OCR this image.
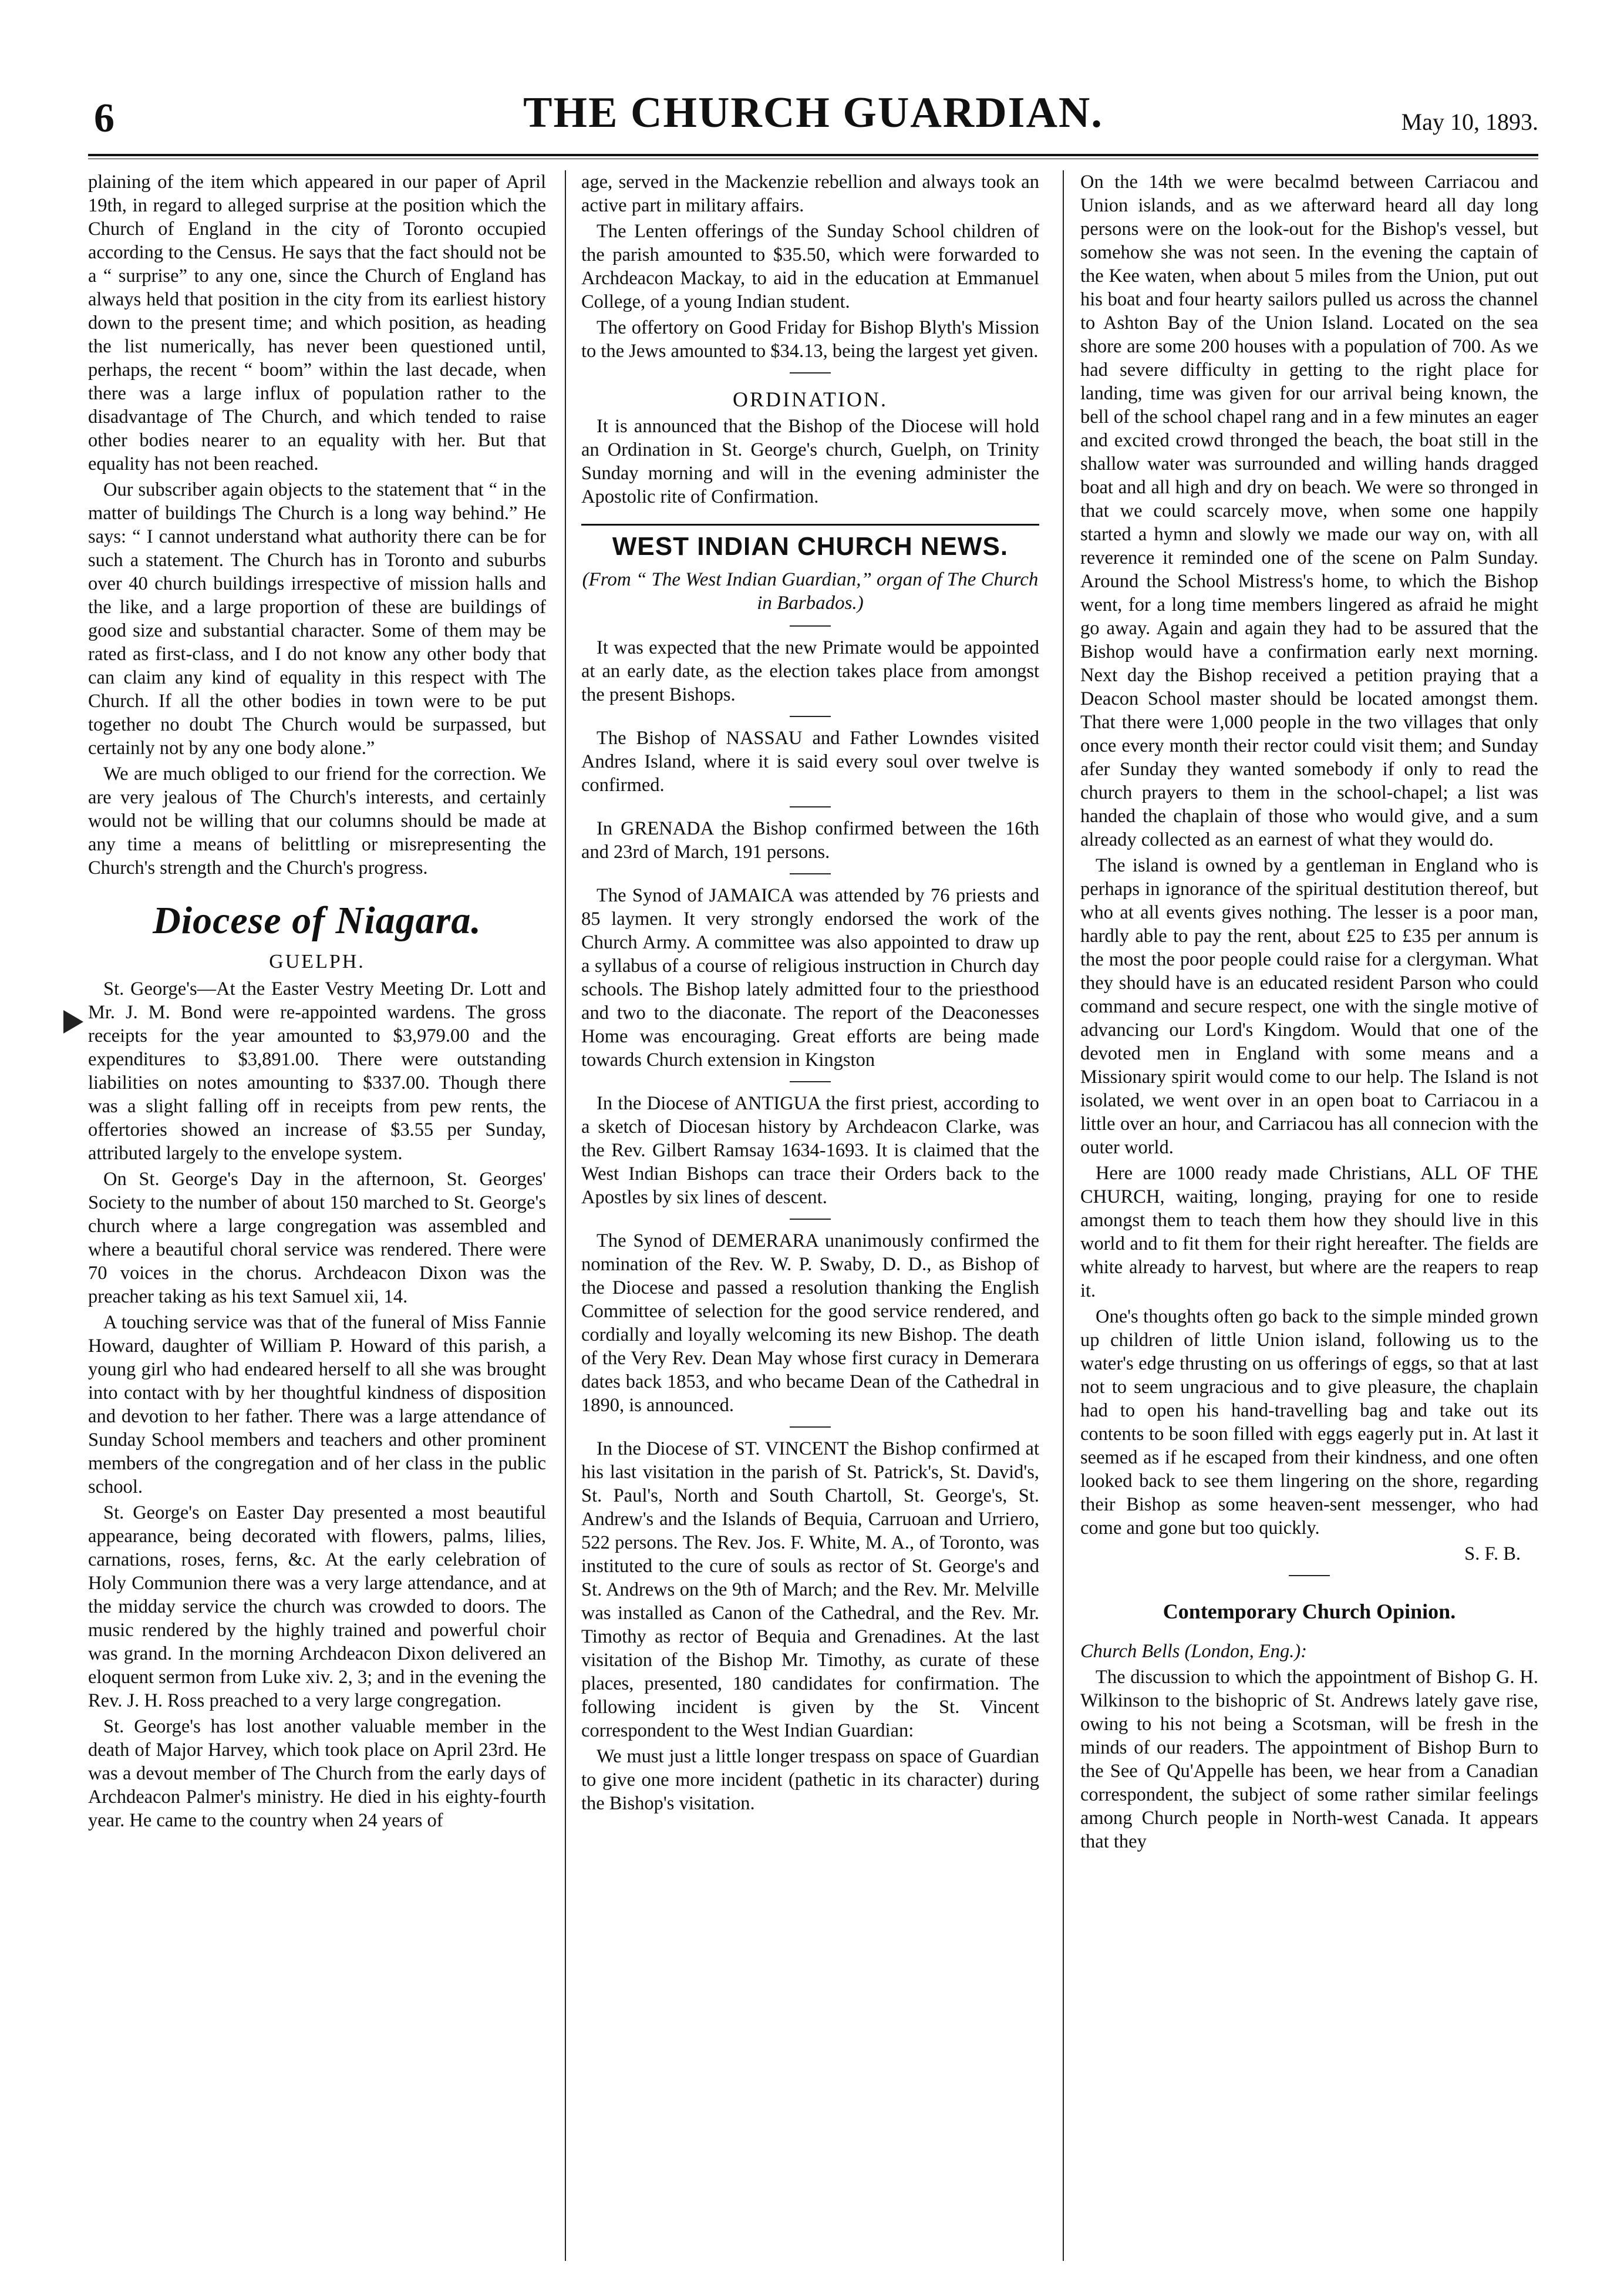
THE CHURCH GUARDIAN.
6	May 10, 1893.

plaining of the item which appeared in our paper of April 19th, in regard to alleged surprise at the position which the Church of England in the city of Toronto occupied according to the Census. He says that the fact should not be a “ surprise” to any one, since the Church of England has always held that position in the city from its earliest history down to the present time; and which position, as heading the list numerically, has never been questioned until, perhaps, the recent “ boom” within the last decade, when there was a large influx of population rather to the disadvantage of The Church, and which tended to raise other bodies nearer to an equality with her. But that equality has not been reached.

Our subscriber again objects to the statement that “ in the matter of buildings The Church is a long way behind.” He says: “ I cannot understand what authority there can be for such a statement. The Church has in Toronto and suburbs over 40 church buildings irrespective of mission halls and the like, and a large proportion of these are buildings of good size and substantial character. Some of them may be rated as first-class, and I do not know any other body that can claim any kind of equality in this respect with The Church. If all the other bodies in town were to be put together no doubt The Church would be surpassed, but certainly not by any one body alone.”

We are much obliged to our friend for the correction. We are very jealous of The Church's interests, and certainly would not be willing that our columns should be made at any time a means of belittling or misrepresenting the Church's strength and the Church's progress.

Diocese of Niagara.
GUELPH.

St. George's—At the Easter Vestry Meeting Dr. Lott and Mr. J. M. Bond were re-appointed wardens. The gross receipts for the year amounted to $3,979.00 and the expenditures to $3,891.00. There were outstanding liabilities on notes amounting to $337.00. Though there was a slight falling off in receipts from pew rents, the offertories showed an increase of $3.55 per Sunday, attributed largely to the envelope system.

On St. George's Day in the afternoon, St. Georges' Society to the number of about 150 marched to St. George's church where a large congregation was assembled and where a beautiful choral service was rendered. There were 70 voices in the chorus. Archdeacon Dixon was the preacher taking as his text Samuel xii, 14.

A touching service was that of the funeral of Miss Fannie Howard, daughter of William P. Howard of this parish, a young girl who had endeared herself to all she was brought into contact with by her thoughtful kindness of disposition and devotion to her father. There was a large attendance of Sunday School members and teachers and other prominent members of the congregation and of her class in the public school.

St. George's on Easter Day presented a most beautiful appearance, being decorated with flowers, palms, lilies, carnations, roses, ferns, &c. At the early celebration of Holy Communion there was a very large attendance, and at the midday service the church was crowded to doors. The music rendered by the highly trained and powerful choir was grand. In the morning Archdeacon Dixon delivered an eloquent sermon from Luke xiv. 2, 3; and in the evening the Rev. J. H. Ross preached to a very large congregation.

St. George's has lost another valuable member in the death of Major Harvey, which took place on April 23rd. He was a devout member of The Church from the early days of Archdeacon Palmer's ministry. He died in his eighty-fourth year. He came to the country when 24 years of

age, served in the Mackenzie rebellion and always took an active part in military affairs.

The Lenten offerings of the Sunday School children of the parish amounted to $35.50, which were forwarded to Archdeacon Mackay, to aid in the education at Emmanuel College, of a young Indian student.

The offertory on Good Friday for Bishop Blyth's Mission to the Jews amounted to $34.13, being the largest yet given.

ORDINATION.

It is announced that the Bishop of the Diocese will hold an Ordination in St. George's church, Guelph, on Trinity Sunday morning and will in the evening administer the Apostolic rite of Confirmation.

WEST INDIAN CHURCH NEWS.
(From “ The West Indian Guardian,” organ of The Church in Barbados.)

It was expected that the new Primate would be appointed at an early date, as the election takes place from amongst the present Bishops.

The Bishop of NASSAU and Father Lowndes visited Andres Island, where it is said every soul over twelve is confirmed.

In GRENADA the Bishop confirmed between the 16th and 23rd of March, 191 persons.

The Synod of JAMAICA was attended by 76 priests and 85 laymen. It very strongly endorsed the work of the Church Army. A committee was also appointed to draw up a syllabus of a course of religious instruction in Church day schools. The Bishop lately admitted four to the priesthood and two to the diaconate. The report of the Deaconesses Home was encouraging. Great efforts are being made towards Church extension in Kingston

In the Diocese of ANTIGUA the first priest, according to a sketch of Diocesan history by Archdeacon Clarke, was the Rev. Gilbert Ramsay 1634-1693. It is claimed that the West Indian Bishops can trace their Orders back to the Apostles by six lines of descent.

The Synod of DEMERARA unanimously confirmed the nomination of the Rev. W. P. Swaby, D. D., as Bishop of the Diocese and passed a resolution thanking the English Committee of selection for the good service rendered, and cordially and loyally welcoming its new Bishop. The death of the Very Rev. Dean May whose first curacy in Demerara dates back 1853, and who became Dean of the Cathedral in 1890, is announced.

In the Diocese of ST. VINCENT the Bishop confirmed at his last visitation in the parish of St. Patrick's, St. David's, St. Paul's, North and South Chartoll, St. George's, St. Andrew's and the Islands of Bequia, Carruoan and Urriero, 522 persons. The Rev. Jos. F. White, M. A., of Toronto, was instituted to the cure of souls as rector of St. George's and St. Andrews on the 9th of March; and the Rev. Mr. Melville was installed as Canon of the Cathedral, and the Rev. Mr. Timothy as rector of Bequia and Grenadines. At the last visitation of the Bishop Mr. Timothy, as curate of these places, presented, 180 candidates for confirmation. The following incident is given by the St. Vincent correspondent to the West Indian Guardian:

We must just a little longer trespass on space of Guardian to give one more incident (pathetic in its character) during the Bishop's visitation.

On the 14th we were becalmd between Carriacou and Union islands, and as we afterward heard all day long persons were on the look-out for the Bishop's vessel, but somehow she was not seen. In the evening the captain of the Kee waten, when about 5 miles from the Union, put out his boat and four hearty sailors pulled us across the channel to Ashton Bay of the Union Island. Located on the sea shore are some 200 houses with a population of 700. As we had severe difficulty in getting to the right place for landing, time was given for our arrival being known, the bell of the school chapel rang and in a few minutes an eager and excited crowd thronged the beach, the boat still in the shallow water was surrounded and willing hands dragged boat and all high and dry on beach. We were so thronged in that we could scarcely move, when some one happily started a hymn and slowly we made our way on, with all reverence it reminded one of the scene on Palm Sunday. Around the School Mistress's home, to which the Bishop went, for a long time members lingered as afraid he might go away. Again and again they had to be assured that the Bishop would have a confirmation early next morning. Next day the Bishop received a petition praying that a Deacon School master should be located amongst them. That there were 1,000 people in the two villages that only once every month their rector could visit them; and Sunday afer Sunday they wanted somebody if only to read the church prayers to them in the school-chapel; a list was handed the chaplain of those who would give, and a sum already collected as an earnest of what they would do.

The island is owned by a gentleman in England who is perhaps in ignorance of the spiritual destitution thereof, but who at all events gives nothing. The lesser is a poor man, hardly able to pay the rent, about £25 to £35 per annum is the most the poor people could raise for a clergyman. What they should have is an educated resident Parson who could command and secure respect, one with the single motive of advancing our Lord's Kingdom. Would that one of the devoted men in England with some means and a Missionary spirit would come to our help. The Island is not isolated, we went over in an open boat to Carriacou in a little over an hour, and Carriacou has all connecion with the outer world.

Here are 1000 ready made Christians, ALL OF THE CHURCH, waiting, longing, praying for one to reside amongst them to teach them how they should live in this world and to fit them for their right hereafter. The fields are white already to harvest, but where are the reapers to reap it.

One's thoughts often go back to the simple minded grown up children of little Union island, following us to the water's edge thrusting on us offerings of eggs, so that at last not to seem ungracious and to give pleasure, the chaplain had to open his hand-travelling bag and take out its contents to be soon filled with eggs eagerly put in. At last it seemed as if he escaped from their kindness, and one often looked back to see them lingering on the shore, regarding their Bishop as some heaven-sent messenger, who had come and gone but too quickly.

S. F. B.
Contemporary Church Opinion.

Church Bells (London, Eng.):

The discussion to which the appointment of Bishop G. H. Wilkinson to the bishopric of St. Andrews lately gave rise, owing to his not being a Scotsman, will be fresh in the minds of our readers. The appointment of Bishop Burn to the See of Qu'Appelle has been, we hear from a Canadian correspondent, the subject of some rather similar feelings among Church people in North-west Canada. It appears that they
